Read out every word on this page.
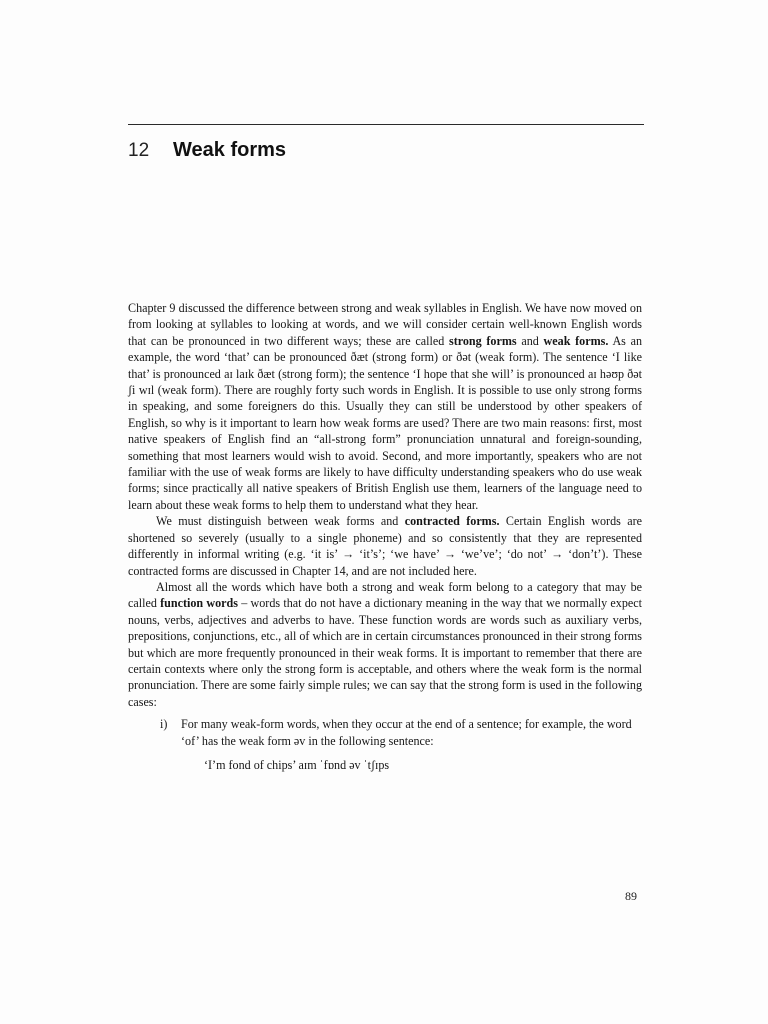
12	Weak forms

Chapter 9 discussed the difference between strong and weak syllables in English. We have now moved on from looking at syllables to looking at words, and we will consider certain well-known English words that can be pronounced in two different ways; these are called strong forms and weak forms. As an example, the word ‘that’ can be pronounced ðæt (strong form) or ðət (weak form). The sentence ‘I like that’ is pronounced aɪ laɪk ðæt (strong form); the sentence ‘I hope that she will’ is pronounced aɪ həʊp ðət ʃi wɪl (weak form). There are roughly forty such words in English. It is possible to use only strong forms in speaking, and some foreigners do this. Usually they can still be understood by other speakers of English, so why is it important to learn how weak forms are used? There are two main reasons: first, most native speakers of English find an “all-strong form” pronunciation unnatural and foreign-sounding, something that most learners would wish to avoid. Second, and more importantly, speakers who are not familiar with the use of weak forms are likely to have difficulty understanding speakers who do use weak forms; since practically all native speakers of British English use them, learners of the language need to learn about these weak forms to help them to understand what they hear.

We must distinguish between weak forms and contracted forms. Certain English words are shortened so severely (usually to a single phoneme) and so consistently that they are represented differently in informal writing (e.g. ‘it is’ → ‘it’s’; ‘we have’ → ‘we’ve’; ‘do not’ → ‘don’t’). These contracted forms are discussed in Chapter 14, and are not included here.

Almost all the words which have both a strong and weak form belong to a category that may be called function words – words that do not have a dictionary meaning in the way that we normally expect nouns, verbs, adjectives and adverbs to have. These function words are words such as auxiliary verbs, prepositions, conjunctions, etc., all of which are in certain circumstances pronounced in their strong forms but which are more frequently pronounced in their weak forms. It is important to remember that there are certain contexts where only the strong form is acceptable, and others where the weak form is the normal pronunciation. There are some fairly simple rules; we can say that the strong form is used in the following cases:

i)	For many weak-form words, when they occur at the end of a sentence; for example, the word ‘of’ has the weak form əv in the following sentence:
‘I’m fond of chips’ aɪm ˈfɒnd əv ˈtʃɪps
89
